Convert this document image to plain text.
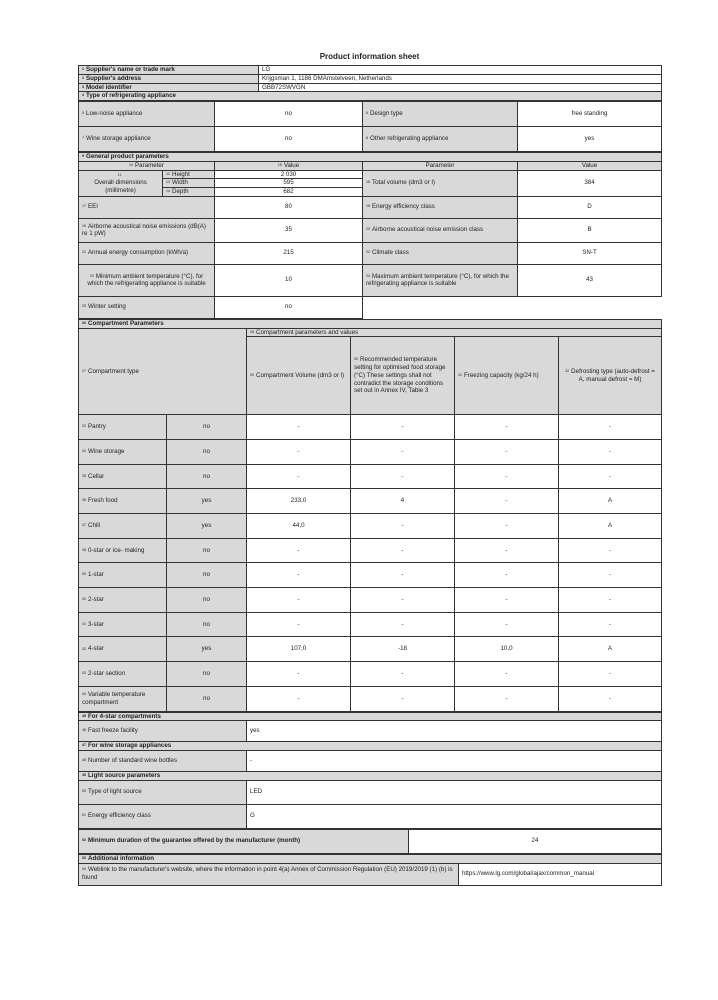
Product information sheet
1 Supplier's name or trade mark	LG
2 Supplier's address	Krijgsman 1, 1186 DMAmstelveen, Netherlands
3 Model identifier	GBB72SWVGN
4 Type of refrigerating appliance	
5 Low-noise appliance	no	6 Design type	free standing
7 Wine storage appliance	no	8 Other refrigerating appliance	yes
9 General product parameters				
10 Parameter		15 Value	Parameter	Value
11
Overall dimensions (millimetre)	12 Height	2 030	16 Total volume (dm3 or l)	384
	13 Width	595		
	14 Depth	682		
17 EEI		80	18 Energy efficiency class	D
19 Airborne acoustical noise emissions (dB(A) re 1 pW)		35	20 Airborne acoustical noise emission class	B
21 Annual energy consumption (kWh/a)		215	22 Climate class	SN-T
23 Minimum ambient temperature (°C), for which the refrigerating appliance is suitable		10	24 Maximum ambient temperature (°C), for which the refrigerating appliance is suitable	43
25 Winter setting		no		
26 Compartment Parameters					
27 Compartment type		28 Compartment parameters and values			
		29 Compartment Volume (dm3 or l)	30 Recommended temperature setting for optimised food storage (°C) These settings shall not contradict the storage conditions set out in Annex IV, Table 3	31 Freezing capacity (kg/24 h)	32 Defrosting type (auto-defrost = A, manual defrost = M)
33 Pantry	no	-	-	-	-
34 Wine storage	no	-	-	-	-
35 Cellar	no	-	-	-	-
36 Fresh food	yes	233,0	4	-	A
37 Chill	yes	44,0	-	-	A
38 0-star or ice- making	no	-	-	-	-
39 1-star	no	-	-	-	-
40 2-star	no	-	-	-	-
41 3-star	no	-	-	-	-
42 4-star	yes	107,0	-18	10,0	A
43 2-star section	no	-	-	-	-
44 Variable temperature compartment	no	-	-	-	-
45 For 4-star compartments	
46 Fast freeze facility	yes
47 For wine storage appliances	
48 Number of standard wine bottles	-
49 Light source parameters	
50 Type of light source	LED
51 Energy efficiency class	G
52 Minimum duration of the guarantee offered by the manufacturer (month)	24
53 Additional information
54 Weblink to the manufacturer's website, where the information in point 4(a) Annex of Commission Regulation (EU) 2019/2019 (1) (b) is found	https://www.lg.com/global/ajax/common_manual
